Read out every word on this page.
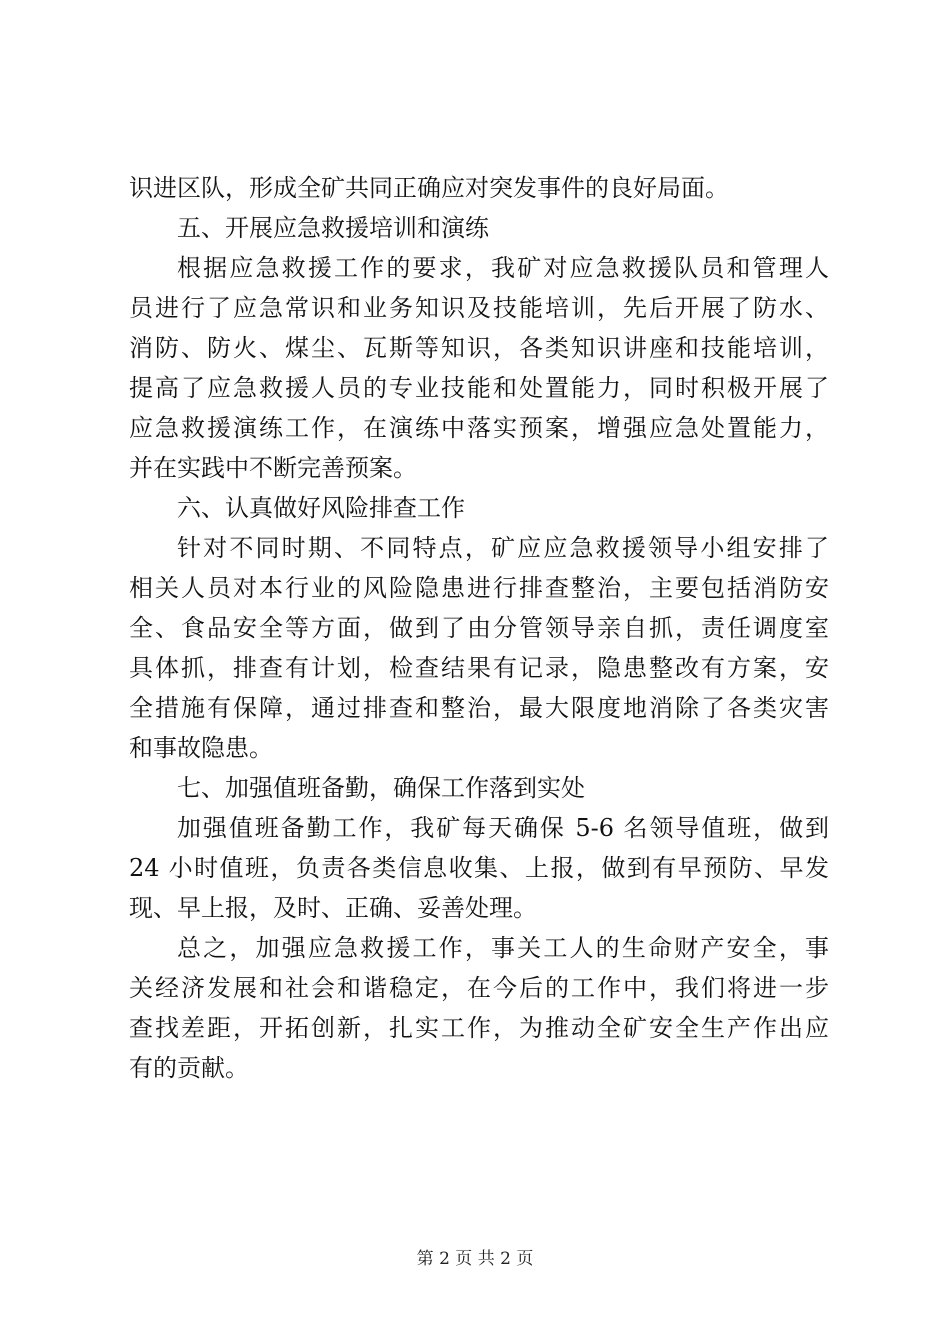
识进区队，形成全矿共同正确应对突发事件的良好局面。
五、开展应急救援培训和演练
根据应急救援工作的要求，我矿对应急救援队员和管理人
员进行了应急常识和业务知识及技能培训，先后开展了防水、
消防、防火、煤尘、瓦斯等知识，各类知识讲座和技能培训，
提高了应急救援人员的专业技能和处置能力，同时积极开展了
应急救援演练工作，在演练中落实预案，增强应急处置能力，
并在实践中不断完善预案。
六、认真做好风险排查工作
针对不同时期、不同特点，矿应应急救援领导小组安排了
相关人员对本行业的风险隐患进行排查整治，主要包括消防安
全、食品安全等方面，做到了由分管领导亲自抓，责任调度室
具体抓，排查有计划，检查结果有记录，隐患整改有方案，安
全措施有保障，通过排查和整治，最大限度地消除了各类灾害
和事故隐患。
七、加强值班备勤，确保工作落到实处
加强值班备勤工作，我矿每天确保 5-6 名领导值班，做到
24 小时值班，负责各类信息收集、上报，做到有早预防、早发
现、早上报，及时、正确、妥善处理。
总之，加强应急救援工作，事关工人的生命财产安全，事
关经济发展和社会和谐稳定，在今后的工作中，我们将进一步
查找差距，开拓创新，扎实工作，为推动全矿安全生产作出应
有的贡献。
第 2 页 共 2 页
